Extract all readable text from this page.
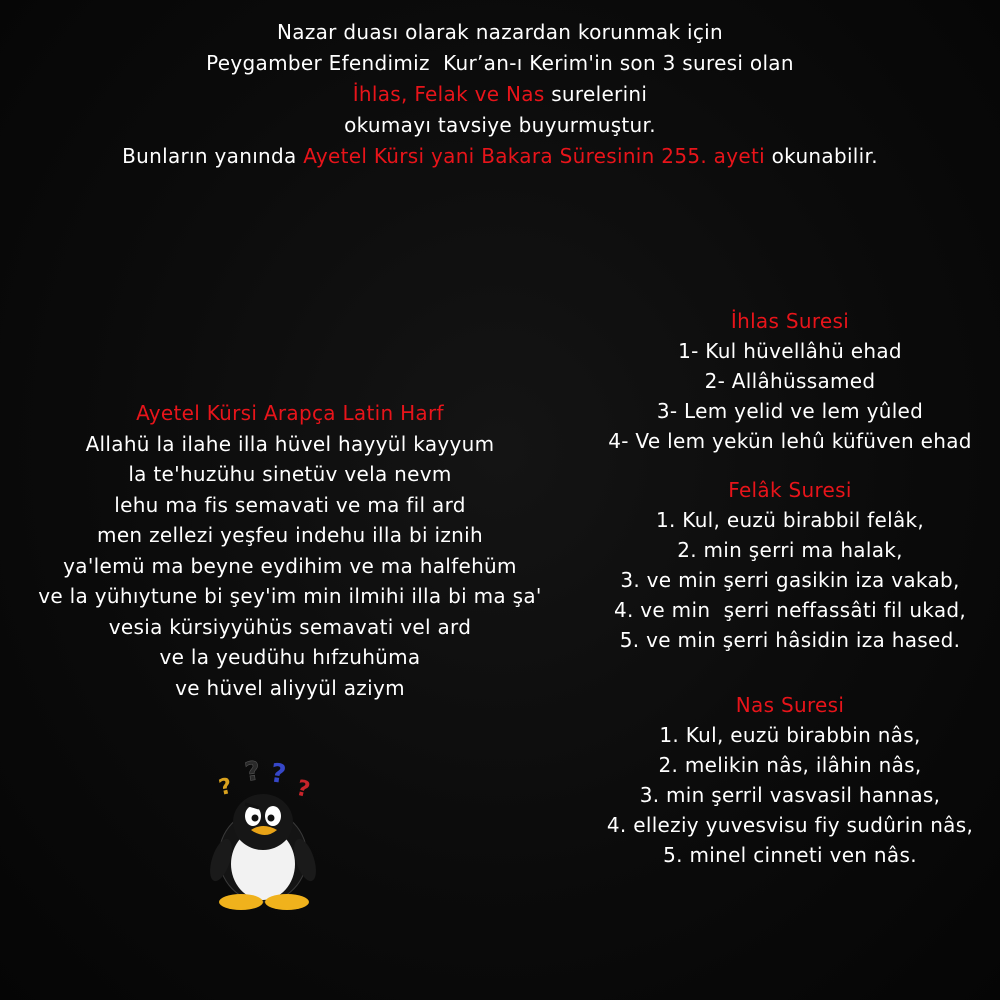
Nazar duası olarak nazardan korunmak için
Peygamber Efendimiz  Kur’an-ı Kerim'in son 3 suresi olan
İhlas, Felak ve Nas surelerini
okumayı tavsiye buyurmuştur.
Bunların yanında Ayetel Kürsi yani Bakara Süresinin 255. ayeti okunabilir.
Ayetel Kürsi Arapça Latin Harf
Allahü la ilahe illa hüvel hayyül kayyum
la te'huzühu sinetüv vela nevm
lehu ma fis semavati ve ma fil ard
men zellezi yeşfeu indehu illa bi iznih
ya'lemü ma beyne eydihim ve ma halfehüm
ve la yühıytune bi şey'im min ilmihi illa bi ma şa'
vesia kürsiyyühüs semavati vel ard
ve la yeudühu hıfzuhüma
ve hüvel aliyyül aziym
İhlas Suresi
1- Kul hüvellâhü ehad
2- Allâhüssamed
3- Lem yelid ve lem yûled
4- Ve lem yekün lehû küfüven ehad
Felâk Suresi
1. Kul, euzü birabbil felâk,
2. min şerri ma halak,
3. ve min şerri gasikin iza vakab,
4. ve min  şerri neffassâti fil ukad,
5. ve min şerri hâsidin iza hased.
Nas Suresi
1. Kul, euzü birabbin nâs,
2. melikin nâs, ilâhin nâs,
3. min şerril vasvasil hannas,
4. elleziy yuvesvisu fiy sudûrin nâs,
5. minel cinneti ven nâs.
? ? ? ?
